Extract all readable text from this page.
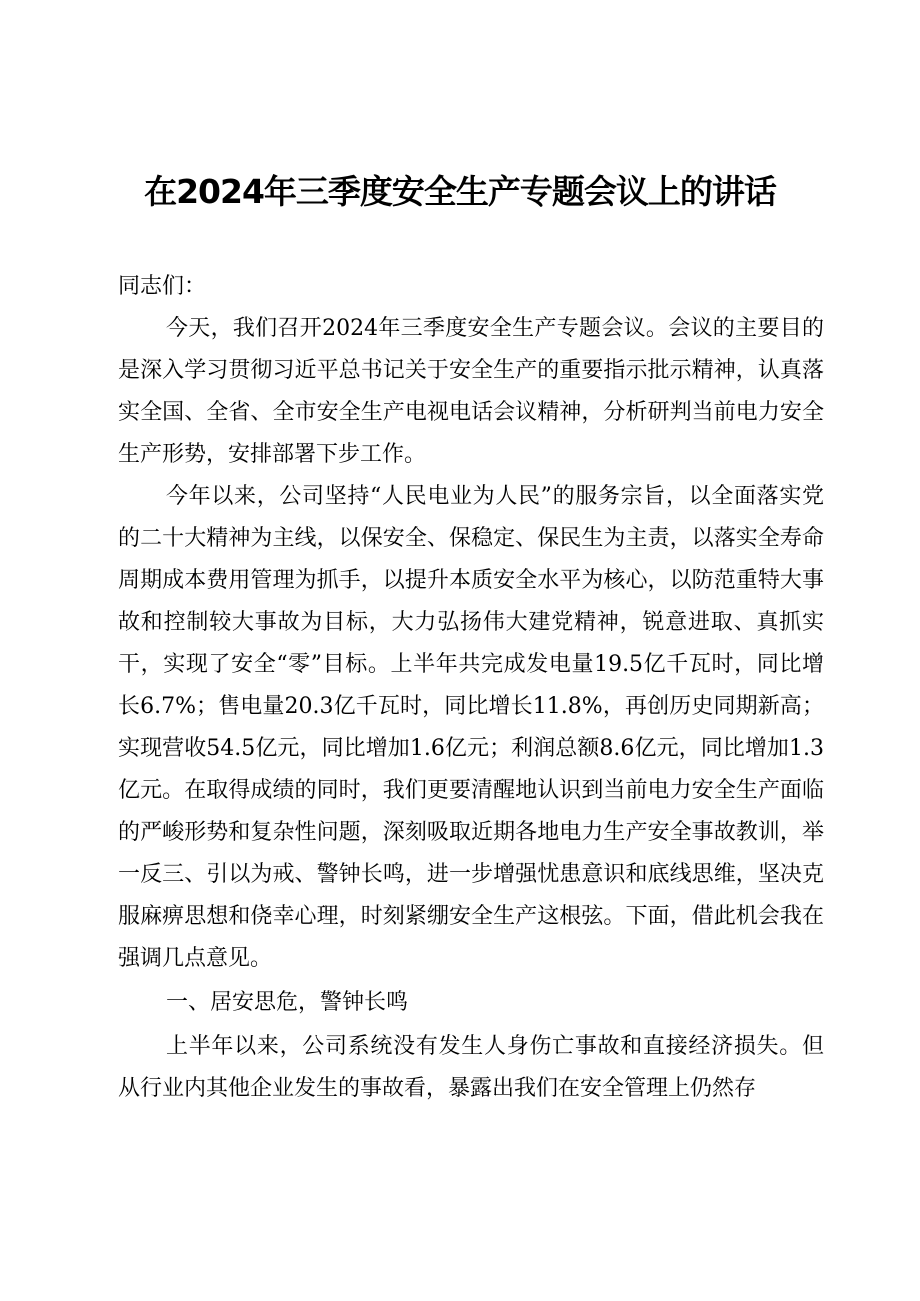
在2024年三季度安全生产专题会议上的讲话

同志们：

今天，我们召开2024年三季度安全生产专题会议。会议的主要目的是深入学习贯彻习近平总书记关于安全生产的重要指示批示精神，认真落实全国、全省、全市安全生产电视电话会议精神，分析研判当前电力安全生产形势，安排部署下步工作。

今年以来，公司坚持“人民电业为人民”的服务宗旨，以全面落实党的二十大精神为主线，以保安全、保稳定、保民生为主责，以落实全寿命周期成本费用管理为抓手，以提升本质安全水平为核心，以防范重特大事故和控制较大事故为目标，大力弘扬伟大建党精神，锐意进取、真抓实干，实现了安全“零”目标。上半年共完成发电量19.5亿千瓦时，同比增长6.7%；售电量20.3亿千瓦时，同比增长11.8%，再创历史同期新高；实现营收54.5亿元，同比增加1.6亿元；利润总额8.6亿元，同比增加1.3亿元。在取得成绩的同时，我们更要清醒地认识到当前电力安全生产面临的严峻形势和复杂性问题，深刻吸取近期各地电力生产安全事故教训，举一反三、引以为戒、警钟长鸣，进一步增强忧患意识和底线思维，坚决克服麻痹思想和侥幸心理，时刻紧绷安全生产这根弦。下面，借此机会我在强调几点意见。

一、居安思危，警钟长鸣

上半年以来，公司系统没有发生人身伤亡事故和直接经济损失。但从行业内其他企业发生的事故看，暴露出我们在安全管理上仍然存
